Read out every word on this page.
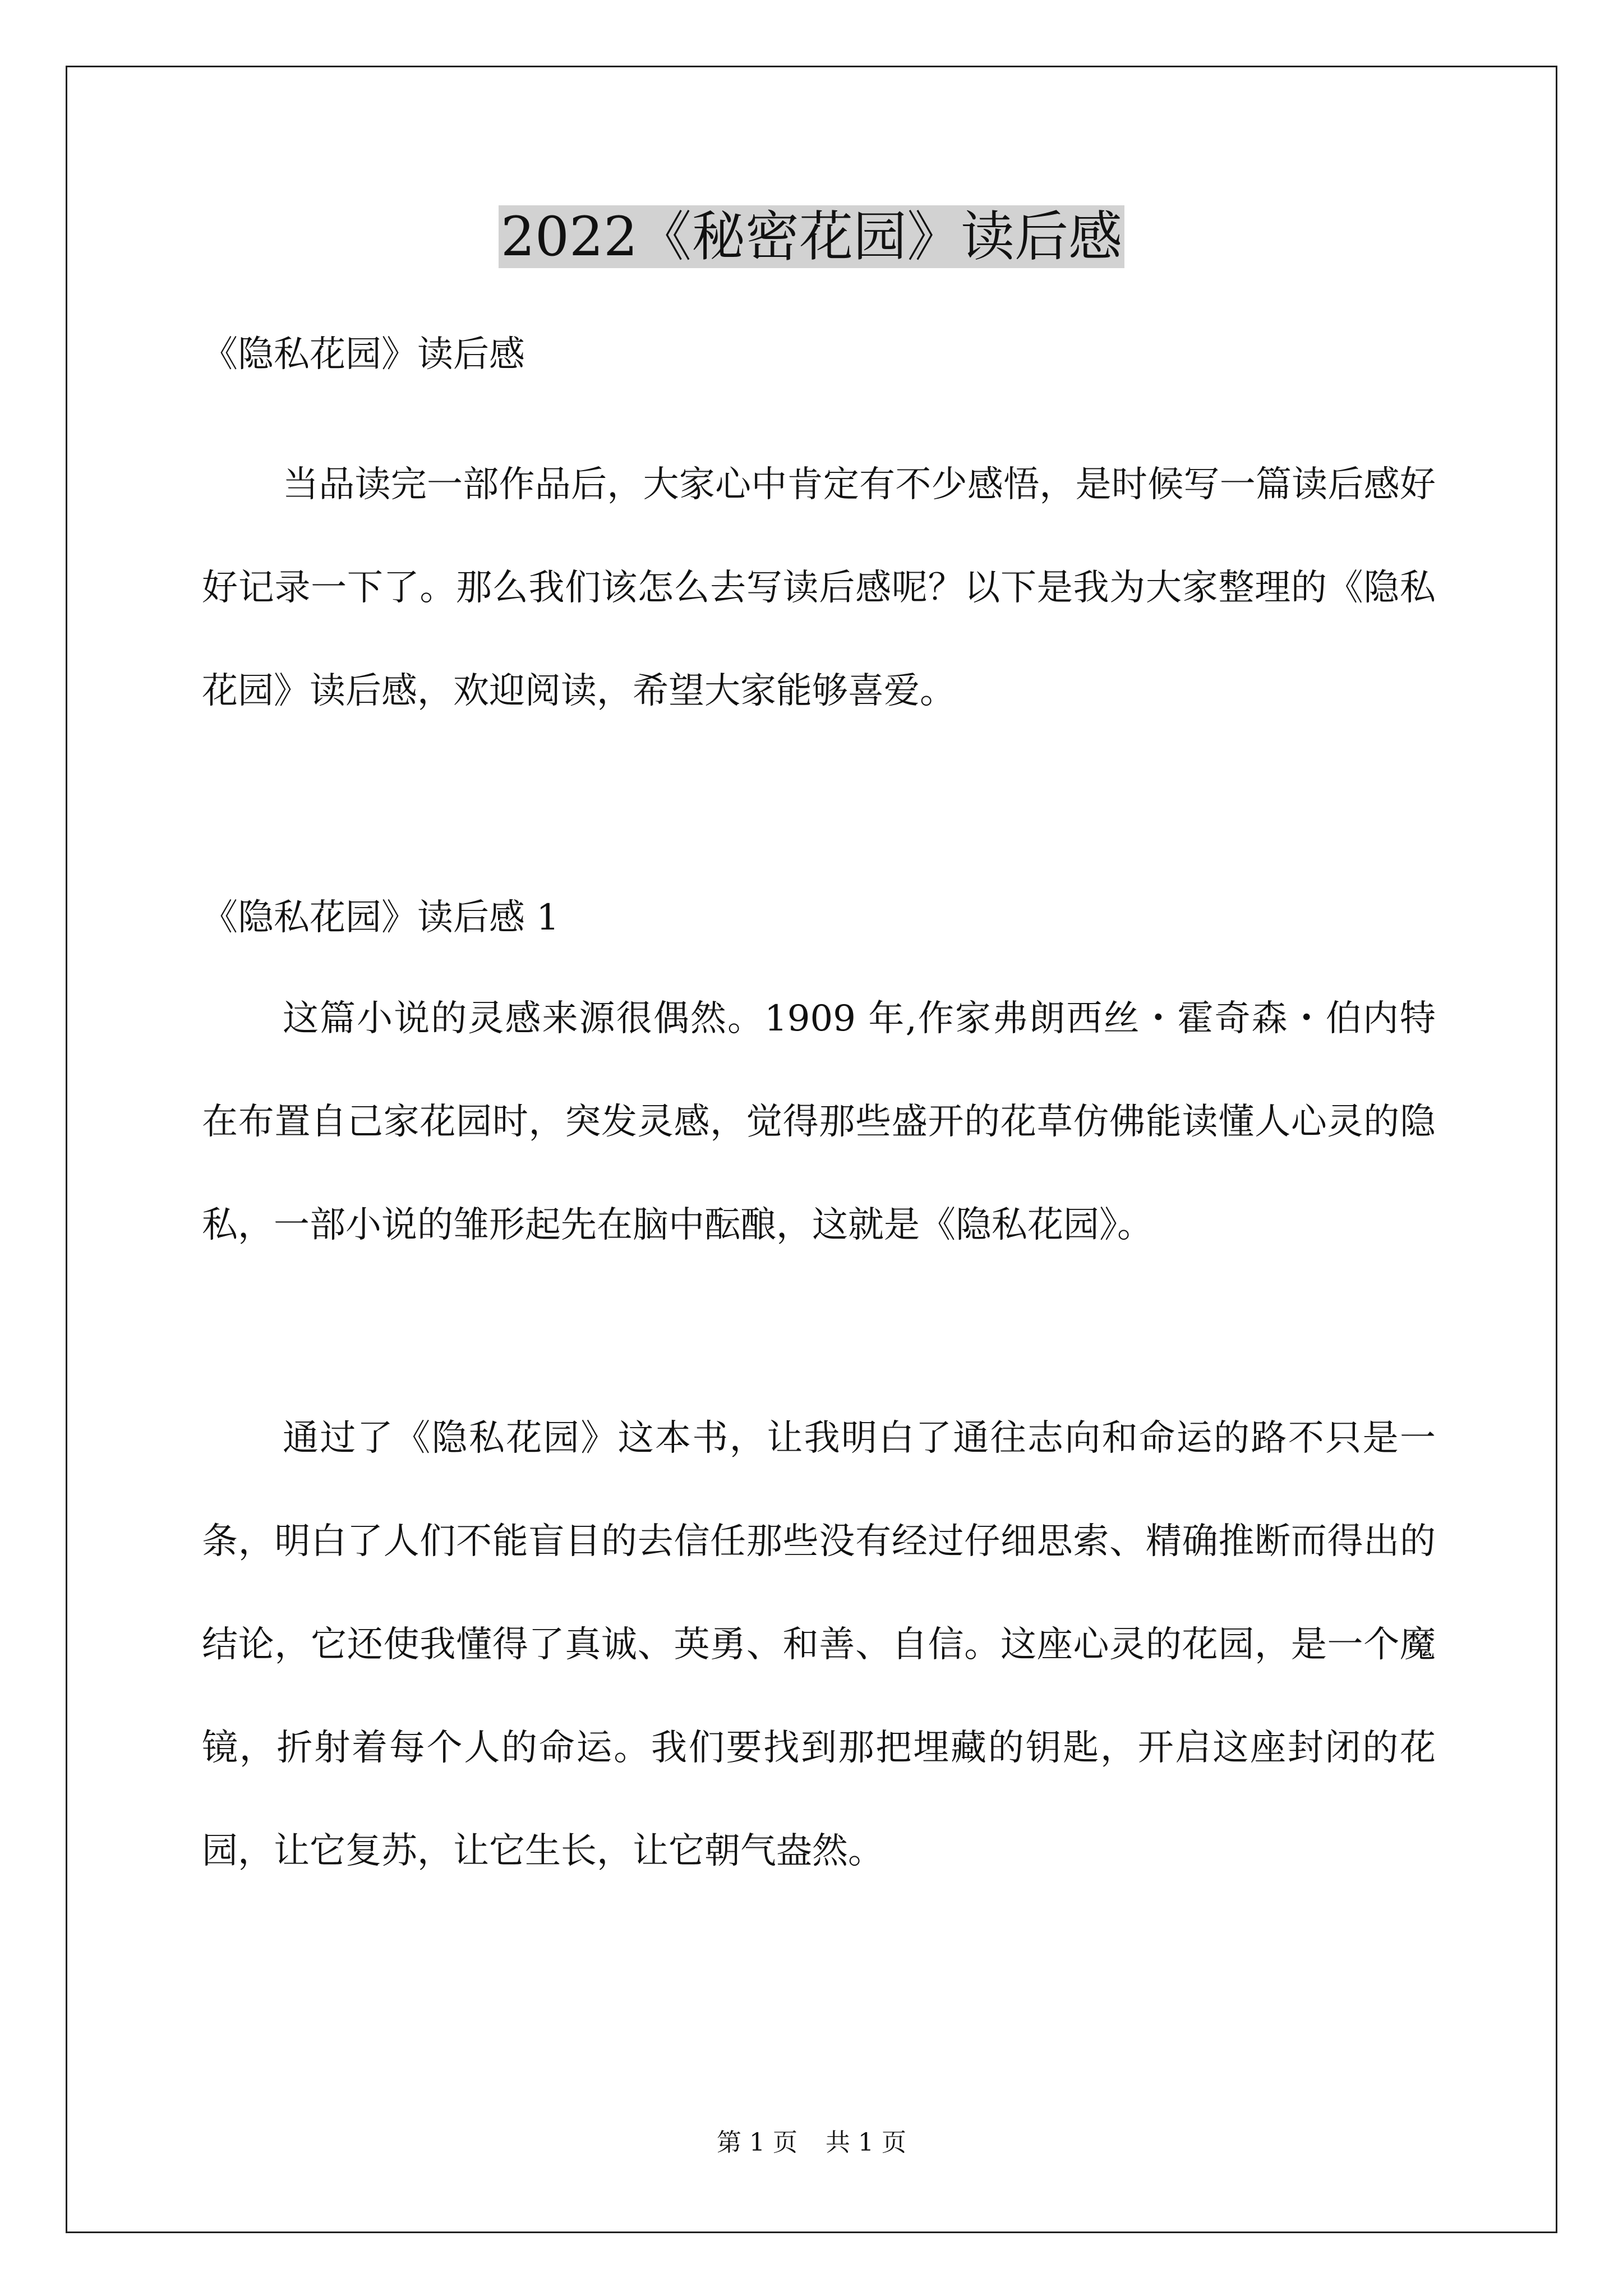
2022《秘密花园》读后感

《隐私花园》读后感

当品读完一部作品后，大家心中肯定有不少感悟，是时候写一篇读后感好好记录一下了。那么我们该怎么去写读后感呢？以下是我为大家整理的《隐私花园》读后感，欢迎阅读，希望大家能够喜爱。

《隐私花园》读后感 1

这篇小说的灵感来源很偶然。1909 年,作家弗朗西丝・霍奇森・伯内特在布置自己家花园时，突发灵感，觉得那些盛开的花草仿佛能读懂人心灵的隐私，一部小说的雏形起先在脑中酝酿，这就是《隐私花园》。

通过了《隐私花园》这本书，让我明白了通往志向和命运的路不只是一条，明白了人们不能盲目的去信任那些没有经过仔细思索、精确推断而得出的结论，它还使我懂得了真诚、英勇、和善、自信。这座心灵的花园，是一个魔镜，折射着每个人的命运。我们要找到那把埋藏的钥匙，开启这座封闭的花园，让它复苏，让它生长，让它朝气盎然。

第 1 页 共 1 页
